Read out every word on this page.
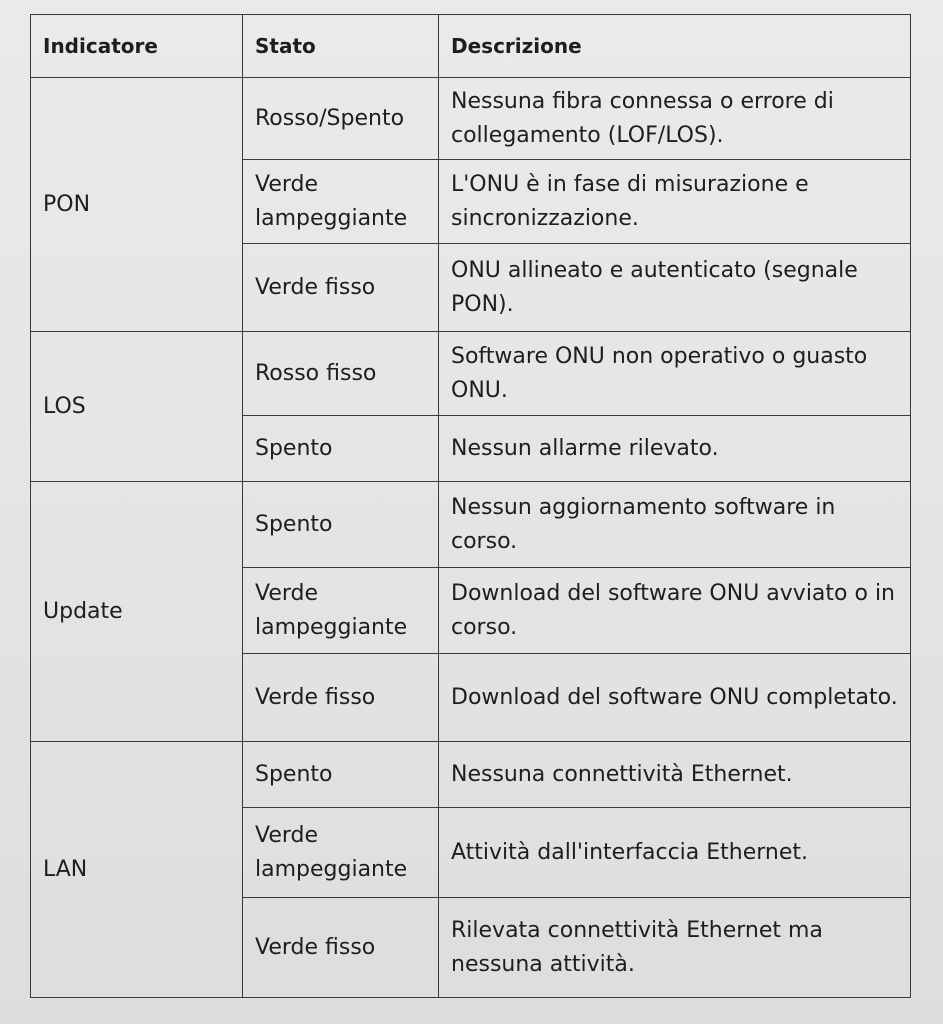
Indicatore	Stato	Descrizione
PON	Rosso/Spento	Nessuna fibra connessa o errore di collegamento (LOF/LOS).
	Verde lampeggiante	L'ONU è in fase di misurazione e sincronizzazione.
	Verde fisso	ONU allineato e autenticato (segnale PON).
LOS	Rosso fisso	Software ONU non operativo o guasto ONU.
	Spento	Nessun allarme rilevato.
Update	Spento	Nessun aggiornamento software in corso.
	Verde lampeggiante	Download del software ONU avviato o in corso.
	Verde fisso	Download del software ONU completato.
LAN	Spento	Nessuna connettività Ethernet.
	Verde lampeggiante	Attività dall'interfaccia Ethernet.
	Verde fisso	Rilevata connettività Ethernet ma nessuna attività.
